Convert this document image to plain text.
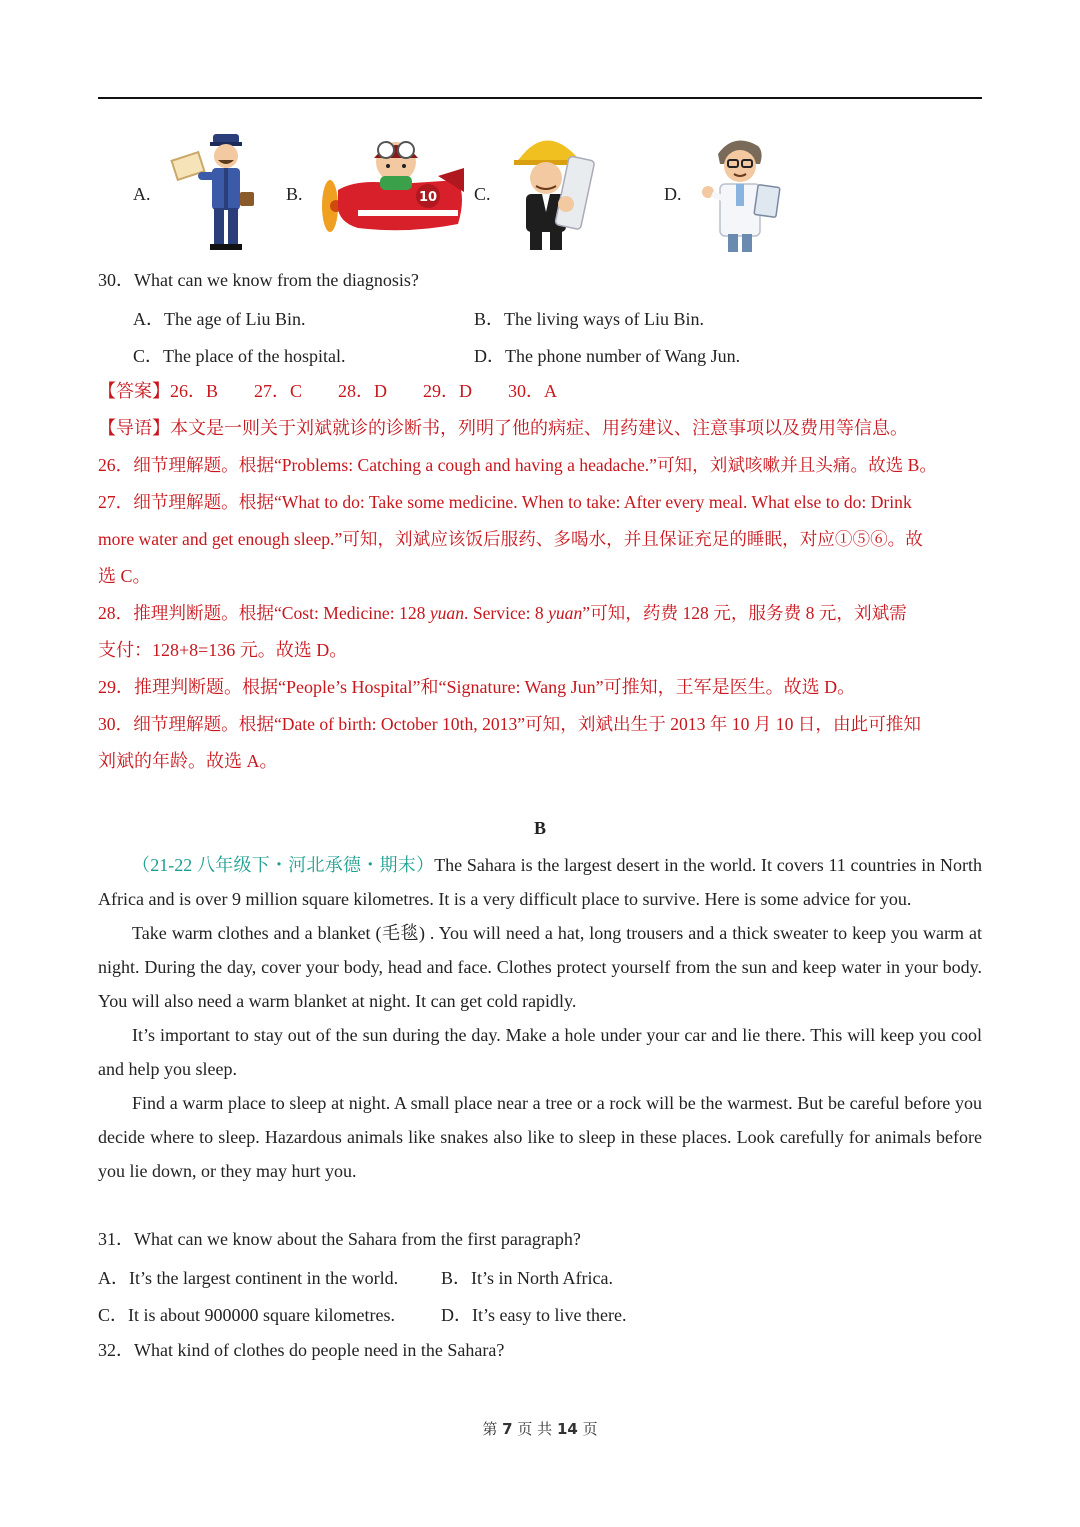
A.	B.	10 C.	D.
30．What can we know from the diagnosis?
A．The age of Liu Bin.	B．The living ways of Liu Bin.
C．The place of the hospital.	D．The phone number of Wang Jun.
【答案】26．B　　27．C　　28．D　　29．D　　30．A
【导语】本文是一则关于刘斌就诊的诊断书，列明了他的病症、用药建议、注意事项以及费用等信息。
26．细节理解题。根据“Problems: Catching a cough and having a headache.”可知，刘斌咳嗽并且头痛。故选 B。
27．细节理解题。根据“What to do: Take some medicine. When to take: After every meal. What else to do: Drink
more water and get enough sleep.”可知，刘斌应该饭后服药、多喝水，并且保证充足的睡眠，对应①⑤⑥。故
选 C。
28．推理判断题。根据“Cost: Medicine: 128 yuan. Service: 8 yuan”可知，药费 128 元，服务费 8 元，刘斌需
支付：128+8=136 元。故选 D。
29．推理判断题。根据“People’s Hospital”和“Signature: Wang Jun”可推知，王军是医生。故选 D。
30．细节理解题。根据“Date of birth: October 10th, 2013”可知，刘斌出生于 2013 年 10 月 10 日，由此可推知
刘斌的年龄。故选 A。
B

（21-22 八年级下・河北承德・期末）The Sahara is the largest desert in the world. It covers 11 countries in North Africa and is over 9 million square kilometres. It is a very difficult place to survive. Here is some advice for you.

Take warm clothes and a blanket (毛毯) . You will need a hat, long trousers and a thick sweater to keep you warm at night. During the day, cover your body, head and face. Clothes protect yourself from the sun and keep water in your body. You will also need a warm blanket at night. It can get cold rapidly.

It’s important to stay out of the sun during the day. Make a hole under your car and lie there. This will keep you cool and help you sleep.

Find a warm place to sleep at night. A small place near a tree or a rock will be the warmest. But be careful before you decide where to sleep. Hazardous animals like snakes also like to sleep in these places. Look carefully for animals before you lie down, or they may hurt you.

31．What can we know about the Sahara from the first paragraph?
A．It’s the largest continent in the world. B．It’s in North Africa.
C．It is about 900000 square kilometres.	D．It’s easy to live there.
32．What kind of clothes do people need in the Sahara?
第 7 页 共 14 页
